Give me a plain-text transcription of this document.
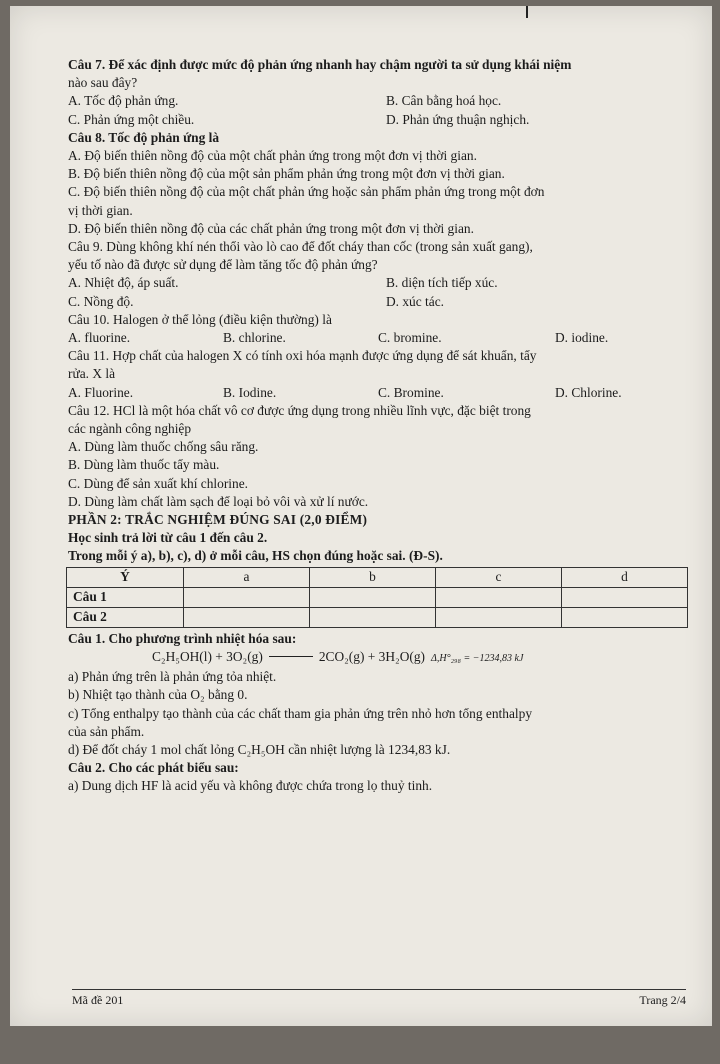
Câu 7. Để xác định được mức độ phản ứng nhanh hay chậm người ta sử dụng khái niệm
nào sau đây?
A. Tốc độ phản ứng.	B. Cân bằng hoá học.
C. Phản ứng một chiều.	D. Phản ứng thuận nghịch.
Câu 8. Tốc độ phản ứng là
A. Độ biến thiên nồng độ của một chất phản ứng trong một đơn vị thời gian.
B. Độ biến thiên nồng độ của một sản phẩm phản ứng trong một đơn vị thời gian.
C. Độ biến thiên nồng độ của một chất phản ứng hoặc sản phẩm phản ứng trong một đơn
vị thời gian.
D. Độ biến thiên nồng độ của các chất phản ứng trong một đơn vị thời gian.
Câu 9. Dùng không khí nén thổi vào lò cao để đốt cháy than cốc (trong sản xuất gang),
yếu tố nào đã được sử dụng để làm tăng tốc độ phản ứng?
A. Nhiệt độ, áp suất.	B. diện tích tiếp xúc.
C. Nồng độ.	D. xúc tác.
Câu 10. Halogen ở thể lỏng (điều kiện thường) là
A. fluorine.	B. chlorine.	C. bromine.	D. iodine.
Câu 11. Hợp chất của halogen X có tính oxi hóa mạnh được ứng dụng để sát khuẩn, tẩy
rửa. X là
A. Fluorine.	B. Iodine.	C. Bromine.	D. Chlorine.
Câu 12. HCl là một hóa chất vô cơ được ứng dụng trong nhiều lĩnh vực, đặc biệt trong
các ngành công nghiệp
A. Dùng làm thuốc chống sâu răng.
B. Dùng làm thuốc tẩy màu.
C. Dùng để sản xuất khí chlorine.
D. Dùng làm chất làm sạch để loại bỏ vôi và xử lí nước.
PHẦN 2: TRẮC NGHIỆM ĐÚNG SAI (2,0 ĐIỂM)
Học sinh trả lời từ câu 1 đến câu 2.
Trong mỗi ý a), b), c), d) ở mỗi câu, HS chọn đúng hoặc sai. (Đ-S).
Ý	a	b	c	d
Câu 1				
Câu 2				
Câu 1. Cho phương trình nhiệt hóa sau:
C₂H₅OH(l) + 3O₂(g)	2CO₂(g) + 3H₂O(g) Δ,H°₂₉₈ = −1234,83 kJ
a) Phản ứng trên là phản ứng tỏa nhiệt.
b) Nhiệt tạo thành của O₂ bằng 0.
c) Tổng enthalpy tạo thành của các chất tham gia phản ứng trên nhỏ hơn tổng enthalpy
của sản phẩm.
d) Để đốt cháy 1 mol chất lỏng C₂H₅OH cần nhiệt lượng là 1234,83 kJ.
Câu 2. Cho các phát biểu sau:
a) Dung dịch HF là acid yếu và không được chứa trong lọ thuỷ tinh.
Mã đề 201	Trang 2/4
